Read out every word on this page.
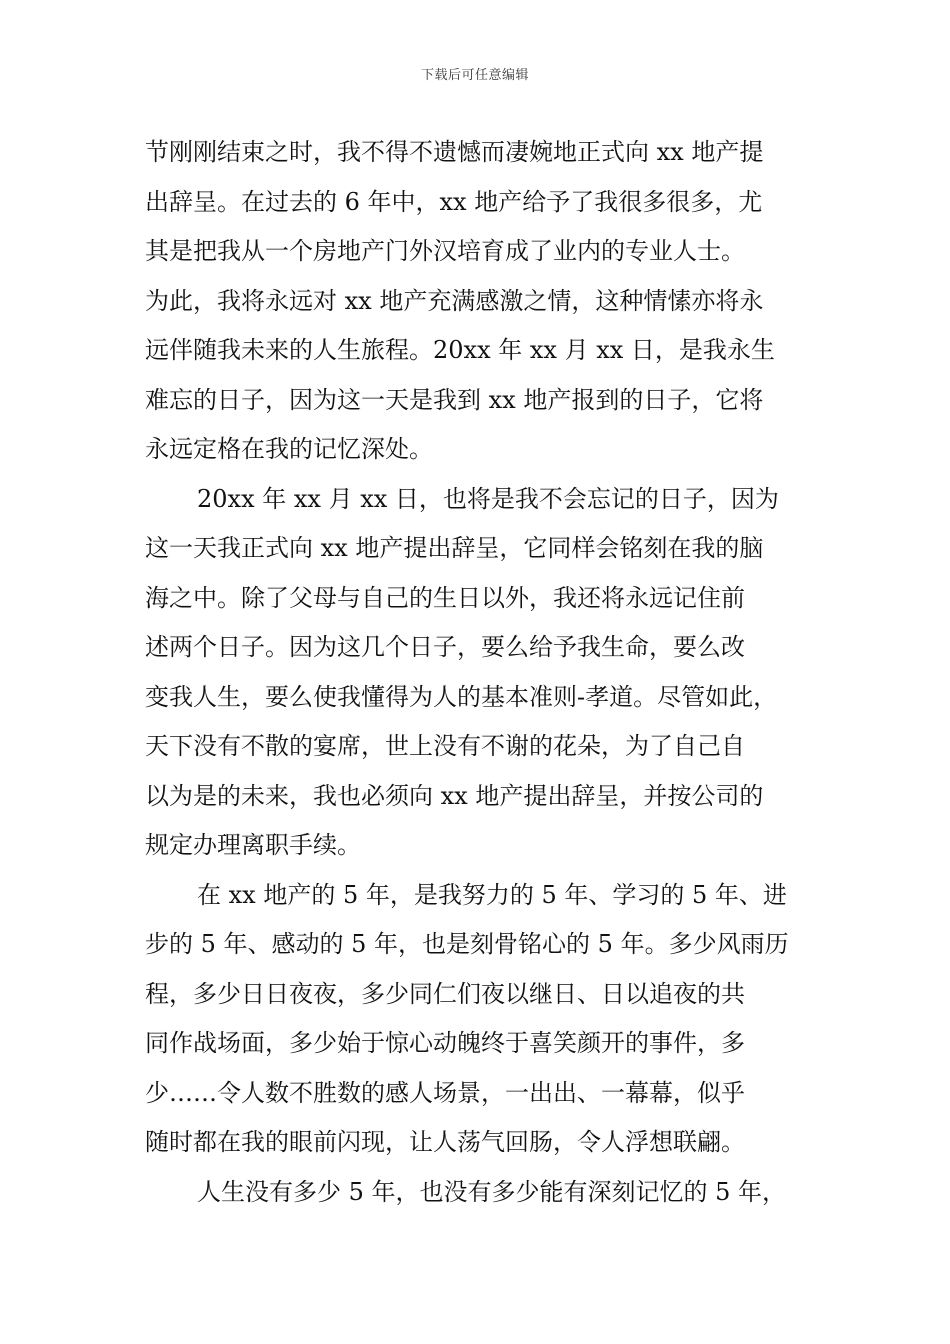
下载后可任意编辑
节刚刚结束之时，我不得不遗憾而凄婉地正式向 xx 地产提
出辞呈。在过去的 6 年中，xx 地产给予了我很多很多，尤
其是把我从一个房地产门外汉培育成了业内的专业人士。
为此，我将永远对 xx 地产充满感激之情，这种情愫亦将永
远伴随我未来的人生旅程。20xx 年 xx 月 xx 日，是我永生
难忘的日子，因为这一天是我到 xx 地产报到的日子，它将
永远定格在我的记忆深处。
20xx 年 xx 月 xx 日，也将是我不会忘记的日子，因为
这一天我正式向 xx 地产提出辞呈，它同样会铭刻在我的脑
海之中。除了父母与自己的生日以外，我还将永远记住前
述两个日子。因为这几个日子，要么给予我生命，要么改
变我人生，要么使我懂得为人的基本准则-孝道。尽管如此，
天下没有不散的宴席，世上没有不谢的花朵，为了自己自
以为是的未来，我也必须向 xx 地产提出辞呈，并按公司的
规定办理离职手续。
在 xx 地产的 5 年，是我努力的 5 年、学习的 5 年、进
步的 5 年、感动的 5 年，也是刻骨铭心的 5 年。多少风雨历
程，多少日日夜夜，多少同仁们夜以继日、日以追夜的共
同作战场面，多少始于惊心动魄终于喜笑颜开的事件，多
少……令人数不胜数的感人场景，一出出、一幕幕，似乎
随时都在我的眼前闪现，让人荡气回肠，令人浮想联翩。
人生没有多少 5 年，也没有多少能有深刻记忆的 5 年，
